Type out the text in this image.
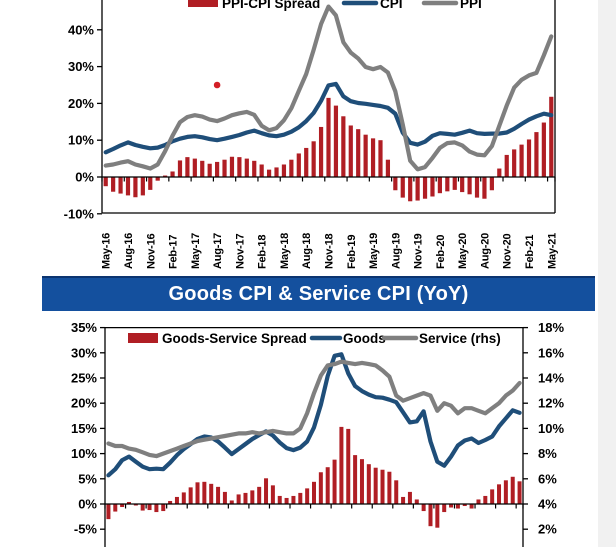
40%
30%
20%
10%
0%
-10%
May-16 Aug-16 Nov-16 Feb-17 May-17 Aug-17 Nov-17 Feb-18 May-18 Aug-18 Nov-18 Feb-19 May-19 Aug-19 Nov-19 Feb-20 May-20 Aug-20 Nov-20 Feb-21 May-21
PPI-CPI Spread	CPI	PPI
Goods CPI & Service CPI (YoY)
35%
30%
25%
20%
15%
10%
5%
0%
-5%
18%
16%
14%
12%
10%
8%
6%
4%
2%
Goods-Service Spread	Goods Service (rhs)
